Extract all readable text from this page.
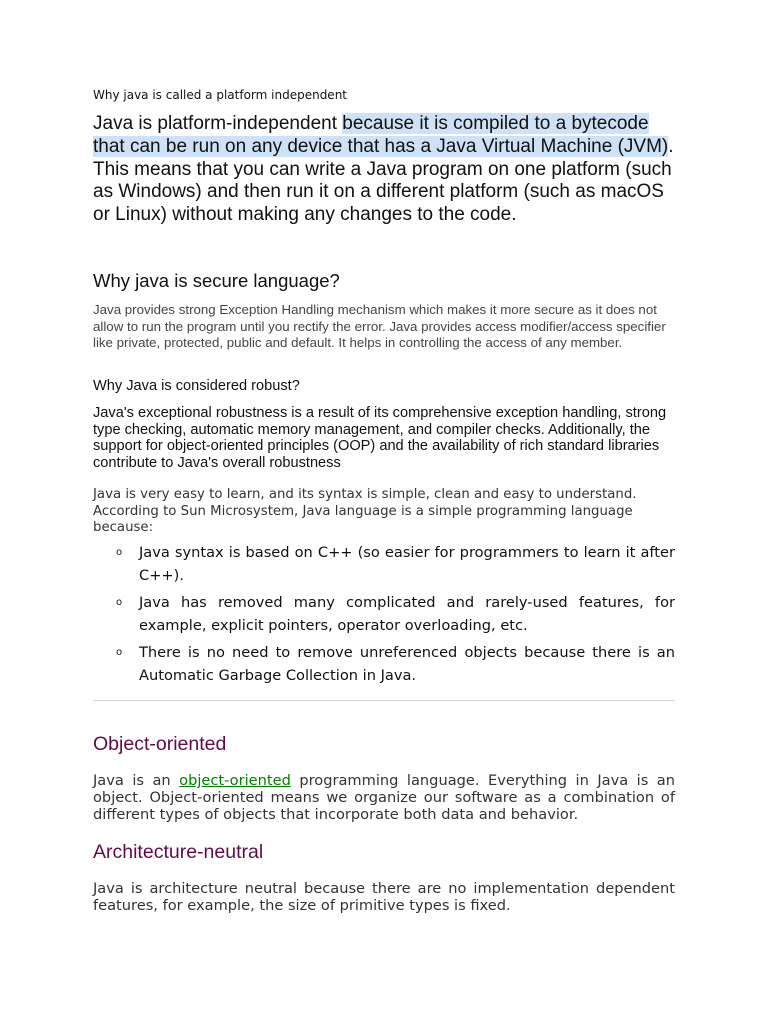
Why java is called a platform independent

Java is platform-independent because it is compiled to a bytecode that can be run on any device that has a Java Virtual Machine (JVM). This means that you can write a Java program on one platform (such as Windows) and then run it on a different platform (such as macOS or Linux) without making any changes to the code.

Why java is secure language?

Java provides strong Exception Handling mechanism which makes it more secure as it does not allow to run the program until you rectify the error. Java provides access modifier/access specifier like private, protected, public and default. It helps in controlling the access of any member.

Why Java is considered robust?

Java's exceptional robustness is a result of its comprehensive exception handling, strong type checking, automatic memory management, and compiler checks. Additionally, the support for object-oriented principles (OOP) and the availability of rich standard libraries contribute to Java's overall robustness

Java is very easy to learn, and its syntax is simple, clean and easy to understand. According to Sun Microsystem, Java language is a simple programming language because:

o Java syntax is based on C++ (so easier for programmers to learn it after C++).
o Java has removed many complicated and rarely-used features, for example, explicit pointers, operator overloading, etc.
o There is no need to remove unreferenced objects because there is an Automatic Garbage Collection in Java.
Object-oriented

Java is an object-oriented programming language. Everything in Java is an object. Object-oriented means we organize our software as a combination of different types of objects that incorporate both data and behavior.

Architecture-neutral

Java is architecture neutral because there are no implementation dependent features, for example, the size of primitive types is fixed.
